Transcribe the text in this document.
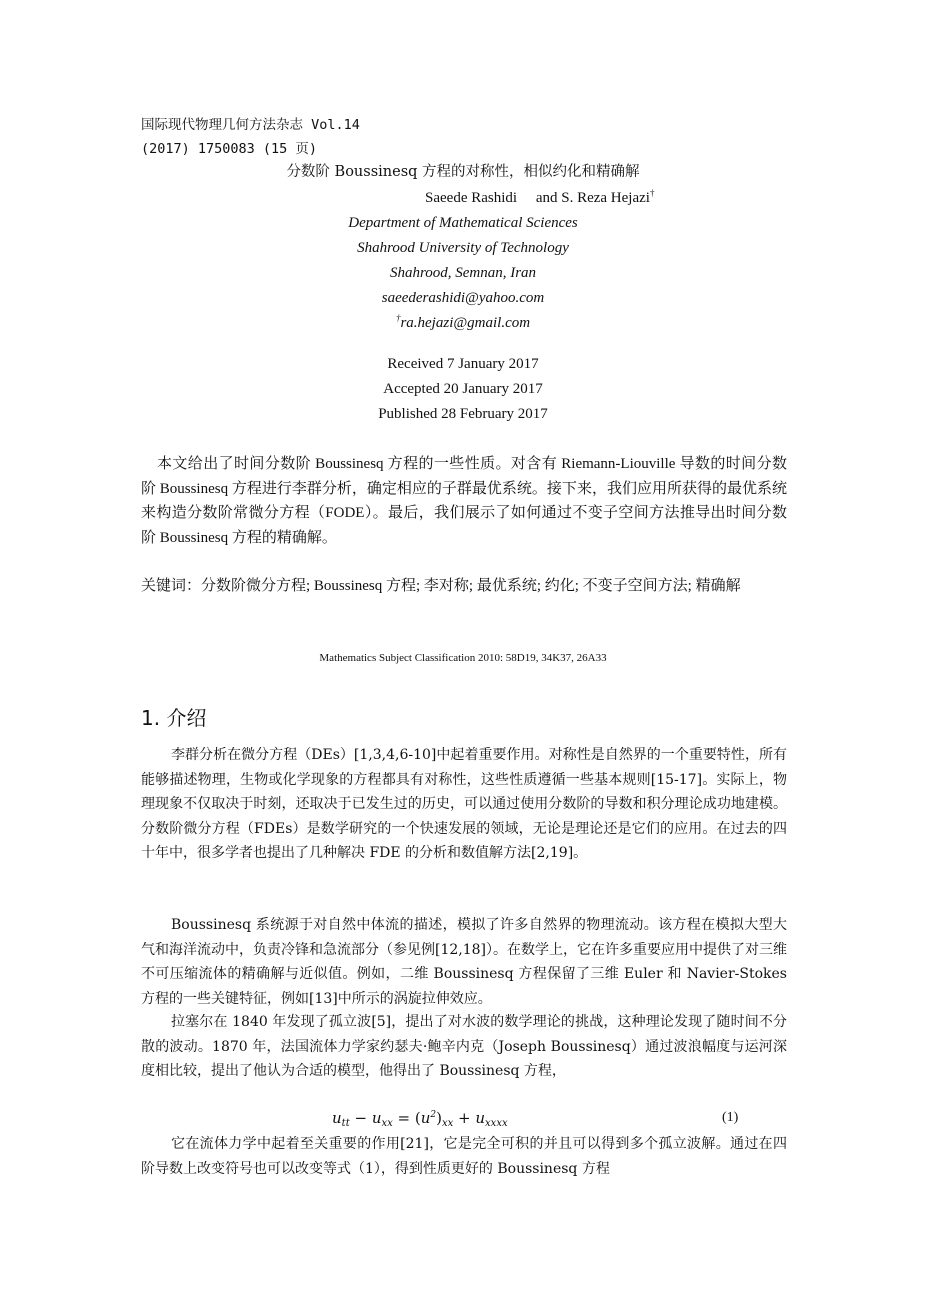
国际现代物理几何方法杂志 Vol.14
(2017) 1750083 (15 页)
分数阶 Boussinesq 方程的对称性，相似约化和精确解
Saeede Rashidi and S. Reza Hejazi†
Department of Mathematical Sciences
Shahrood University of Technology
Shahrood, Semnan, Iran
saeederashidi@yahoo.com
†ra.hejazi@gmail.com
Received 7 January 2017
Accepted 20 January 2017
Published 28 February 2017
本文给出了时间分数阶 Boussinesq 方程的一些性质。对含有 Riemann-Liouville 导数的时间分数阶 Boussinesq 方程进行李群分析，确定相应的子群最优系统。接下来，我们应用所获得的最优系统来构造分数阶常微分方程（FODE）。最后，我们展示了如何通过不变子空间方法推导出时间分数阶 Boussinesq 方程的精确解。
关键词：分数阶微分方程; Boussinesq 方程; 李对称; 最优系统; 约化; 不变子空间方法; 精确解
Mathematics Subject Classification 2010: 58D19, 34K37, 26A33
1. 介绍
李群分析在微分方程（DEs）[1,3,4,6-10]中起着重要作用。对称性是自然界的一个重要特性，所有能够描述物理，生物或化学现象的方程都具有对称性，这些性质遵循一些基本规则[15-17]。实际上，物理现象不仅取决于时刻，还取决于已发生过的历史，可以通过使用分数阶的导数和积分理论成功地建模。分数阶微分方程（FDEs）是数学研究的一个快速发展的领域，无论是理论还是它们的应用。在过去的四十年中，很多学者也提出了几种解决 FDE 的分析和数值解方法[2,19]。
Boussinesq 系统源于对自然中体流的描述，模拟了许多自然界的物理流动。该方程在模拟大型大气和海洋流动中，负责冷锋和急流部分（参见例[12,18]）。在数学上，它在许多重要应用中提供了对三维不可压缩流体的精确解与近似值。例如，二维 Boussinesq 方程保留了三维 Euler 和 Navier-Stokes 方程的一些关键特征，例如[13]中所示的涡旋拉伸效应。
拉塞尔在 1840 年发现了孤立波[5]，提出了对水波的数学理论的挑战，这种理论发现了随时间不分散的波动。1870 年，法国流体力学家约瑟夫·鲍辛内克（Joseph Boussinesq）通过波浪幅度与运河深度相比较，提出了他认为合适的模型，他得出了 Boussinesq 方程，
$u_{tt} - u_{xx} = (u^2)_{xx} + u_{xxxx}$	(1)
它在流体力学中起着至关重要的作用[21]，它是完全可积的并且可以得到多个孤立波解。通过在四阶导数上改变符号也可以改变等式（1），得到性质更好的 Boussinesq 方程
